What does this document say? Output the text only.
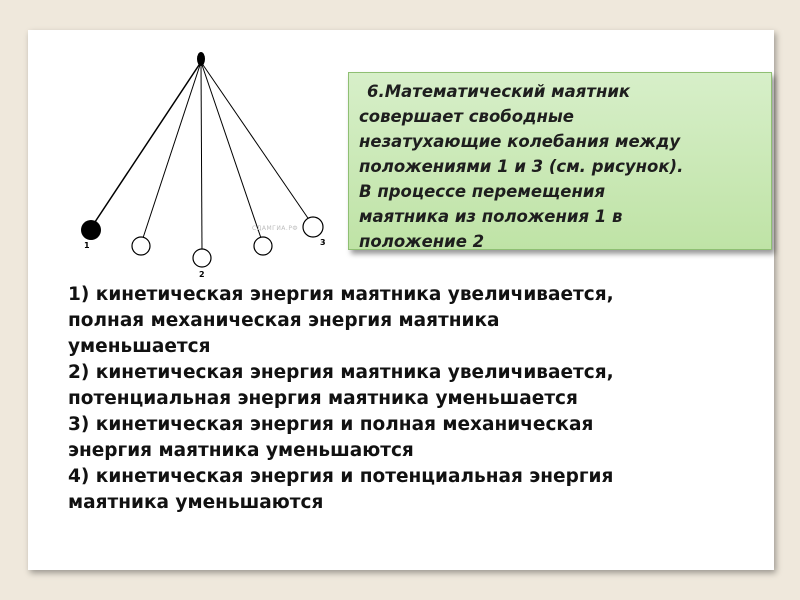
1
2
3
СДАМГИА.РФ

6.Математический маятник
совершает свободные
незатухающие колебания между
положениями 1 и 3 (см. рисунок).
В процессе перемещения
маятника из положения 1 в
положение 2

1) кинетическая энергия маятника увеличивается,
полная механическая энергия маятника
уменьшается
2) кинетическая энергия маятника увеличивается,
потенциальная энергия маятника уменьшается
3) кинетическая энергия и полная механическая
энергия маятника уменьшаются
4) кинетическая энергия и потенциальная энергия
маятника уменьшаются
